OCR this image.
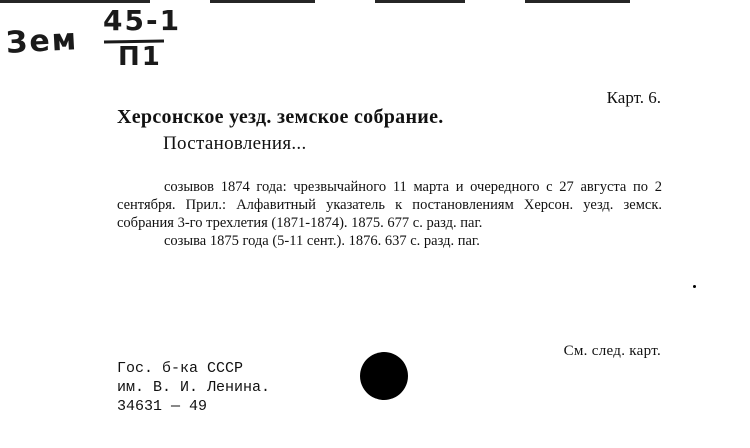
Зем
45-1
П1
Карт. 6.
Херсонское уезд. земское собрание.
Постановления...

созывов 1874 года: чрезвычайного 11 марта и очередного с 27 августа по 2 сентября. Прил.: Алфавитный указатель к постановлениям Херсон. уезд. земск. собрания 3-го трехлетия (1871-1874). 1875. 677 с. разд. паг.

созыва 1875 года (5-11 сент.). 1876. 637 с. разд. паг.

См. след. карт.
Гос. б-ка СССР
им. В. И. Ленина.
34631 — 49
